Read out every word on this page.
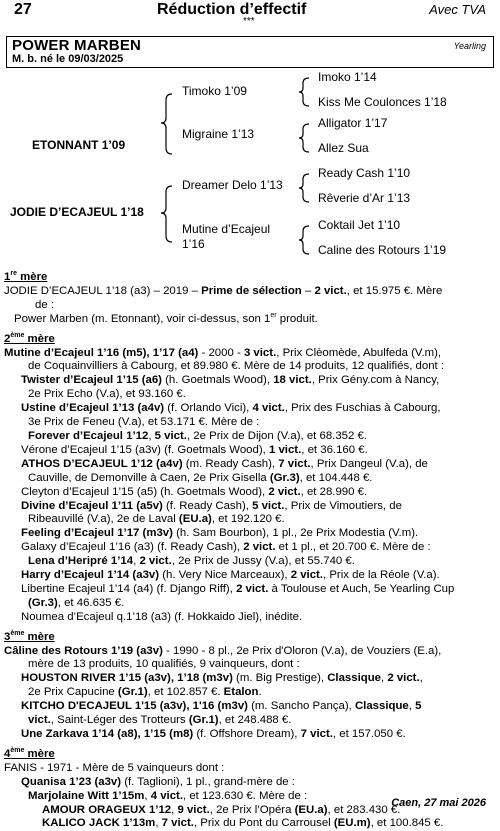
27	Réduction d’effectif	Avec TVA
***
POWER MARBEN	Yearling
M. b. né le 09/03/2025
ETONNANT 1’09
JODIE D’ECAJEUL 1’18
Timoko 1’09
Migraine 1’13
Dreamer Delo 1’13
Mutine d’Ecajeul
1’16
Imoko 1’14
Kiss Me Coulonces 1’18
Alligator 1’17
Allez Sua
Ready Cash 1’10
Rêverie d’Ar 1’13
Coktail Jet 1’10
Caline des Rotours 1’19

1re mère

JODIE D’ECAJEUL 1’18 (a3) – 2019 – Prime de sélection – 2 vict., et 15.975 €. Mère

de :

Power Marben (m. Etonnant), voir ci-dessus, son 1er produit.

2ème mère

Mutine d’Ecajeul 1’16 (m5), 1’17 (a4) - 2000 - 3 vict., Prix Clèomède, Abulfeda (V.m),

de Coquainvilliers à Cabourg, et 89.980 €. Mère de 14 produits, 12 qualifiés, dont :

Twister d’Ecajeul 1’15 (a6) (h. Goetmals Wood), 18 vict., Prix Gény.com à Nancy,

2e Prix Echo (V.a), et 93.160 €.

Ustine d’Ecajeul 1’13 (a4v) (f. Orlando Vici), 4 vict., Prix des Fuschias à Cabourg,

3e Prix de Feneu (V.a), et 53.171 €. Mère de :

Forever d’Ecajeul 1’12, 5 vict., 2e Prix de Dijon (V.a), et 68.352 €.

Vérone d’Ecajeul 1’15 (a3v) (f. Goetmals Wood), 1 vict., et 36.160 €.

ATHOS D’ECAJEUL 1’12 (a4v) (m. Ready Cash), 7 vict., Prix Dangeul (V.a), de

Cauville, de Demonville à Caen, 2e Prix Gisella (Gr.3), et 104.448 €.

Cleyton d’Ecajeul 1’15 (a5) (h. Goetmals Wood), 2 vict., et 28.990 €.

Divine d’Ecajeul 1’11 (a5v) (f. Ready Cash), 5 vict., Prix de Vimoutiers, de

Ribeauvillé (V.a), 2e de Laval (EU.a), et 192.120 €.

Feeling d’Ecajeul 1’17 (m3v) (h. Sam Bourbon), 1 pl., 2e Prix Modestia (V.m).

Galaxy d’Ecajeul 1’16 (a3) (f. Ready Cash), 2 vict. et 1 pl., et 20.700 €. Mère de :

Lena d’Heripré 1’14, 2 vict., 2e Prix de Jussy (V.a), et 55.740 €.

Harry d’Ecajeul 1’14 (a3v) (h. Very Nice Marceaux), 2 vict., Prix de la Réole (V.a).

Libertine Ecajeul 1’14 (a4) (f. Django Riff), 2 vict. à Toulouse et Auch, 5e Yearling Cup

(Gr.3), et 46.635 €.

Noumea d’Ecajeul q.1’18 (a3) (f. Hokkaido Jiel), inédite.

3ème mère

Câline des Rotours 1’19 (a3v) - 1990 - 8 pl., 2e Prix d'Oloron (V.a), de Vouziers (E.a),

mère de 13 produits, 10 qualifiés, 9 vainqueurs, dont :

HOUSTON RIVER 1’15 (a3v), 1’18 (m3v) (m. Big Prestige), Classique, 2 vict.,

2e Prix Capucine (Gr.1), et 102.857 €. Etalon.

KITCHO D'ECAJEUL 1'15 (a3v), 1'16 (m3v) (m. Sancho Pança), Classique, 5

vict., Saint-Léger des Trotteurs (Gr.1), et 248.488 €.

Une Zarkava 1’14 (a8), 1’15 (m8) (f. Offshore Dream), 7 vict., et 157.050 €.

4ème mère

FANIS - 1971 - Mère de 5 vainqueurs dont :

Quanisa 1’23 (a3v) (f. Taglioni), 1 pl., grand-mère de :

Marjolaine Witt 1’15m, 4 vict., et 123.630 €. Mère de :

AMOUR ORAGEUX 1’12, 9 vict., 2e Prix l’Opéra (EU.a), et 283.430 €.

KALICO JACK 1’13m, 7 vict., Prix du Pont du Carrousel (EU.m), et 100.845 €.

Caen, 27 mai 2026
